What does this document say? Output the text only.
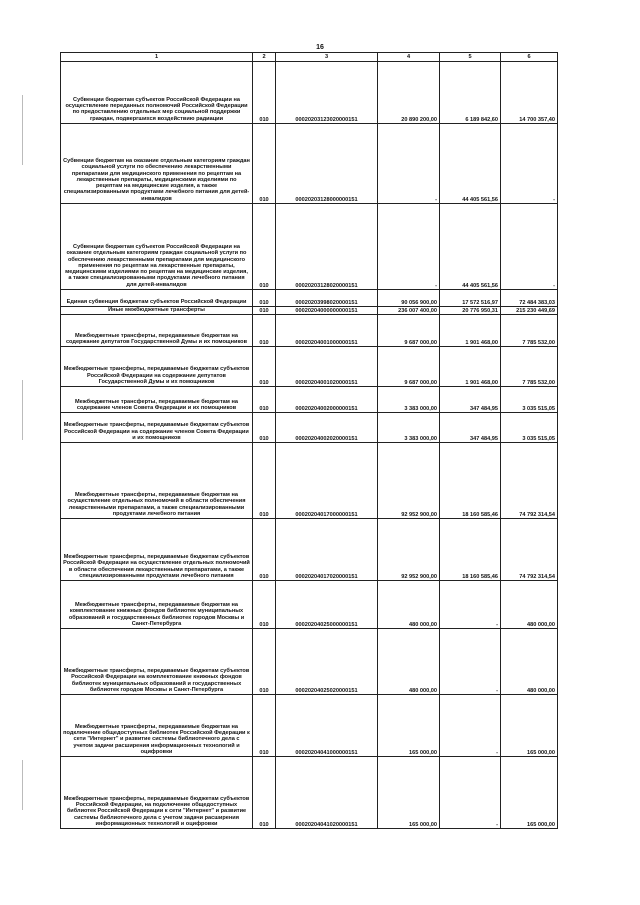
16
1	2	3	4	5	6
Субвенции бюджетам субъектов Российской Федерации на осуществление переданных полномочий Российской Федерации по предоставлению отдельных мер социальной поддержки граждан, подвергшихся воздействию радиации	010	00020203123020000151	20 890 200,00	6 189 842,60	14 700 357,40
Субвенции бюджетам на оказание отдельным категориям граждан социальной услуги по обеспечению лекарственными препаратами для медицинского применения по рецептам на лекарственные препараты, медицинскими изделиями по рецептам на медицинские изделия, а также специализированными продуктами лечебного питания для детей-инвалидов	010	00020203128000000151	-	44 405 561,56	-
Субвенции бюджетам субъектов Российской Федерации на оказание отдельным категориям граждан социальной услуги по обеспечению лекарственными препаратами для медицинского применения по рецептам на лекарственные препараты, медицинскими изделиями по рецептам на медицинские изделия, а также специализированными продуктами лечебного питания для детей-инвалидов	010	00020203128020000151	-	44 405 561,56	-
Единая субвенция бюджетам субъектов Российской Федерации	010	00020203998020000151	90 056 900,00	17 572 516,97	72 484 383,03
Иные межбюджетные трансферты	010	00020204000000000151	236 007 400,00	20 776 950,31	215 230 449,69
Межбюджетные трансферты, передаваемые бюджетам на содержание депутатов Государственной Думы и их помощников	010	00020204001000000151	9 687 000,00	1 901 468,00	7 785 532,00
Межбюджетные трансферты, передаваемые бюджетам субъектов Российской Федерации на содержание депутатов Государственной Думы и их помощников	010	00020204001020000151	9 687 000,00	1 901 468,00	7 785 532,00
Межбюджетные трансферты, передаваемые бюджетам на содержание членов Совета Федерации и их помощников	010	00020204002000000151	3 383 000,00	347 484,95	3 035 515,05
Межбюджетные трансферты, передаваемые бюджетам субъектов Российской Федерации на содержание членов Совета Федерации и их помощников	010	00020204002020000151	3 383 000,00	347 484,95	3 035 515,05
Межбюджетные трансферты, передаваемые бюджетам на осуществление отдельных полномочий в области обеспечения лекарственными препаратами, а также специализированными продуктами лечебного питания	010	00020204017000000151	92 952 900,00	18 160 585,46	74 792 314,54
Межбюджетные трансферты, передаваемые бюджетам субъектов Российской Федерации на осуществление отдельных полномочий в области обеспечения лекарственными препаратами, а также специализированными продуктами лечебного питания	010	00020204017020000151	92 952 900,00	18 160 585,46	74 792 314,54
Межбюджетные трансферты, передаваемые бюджетам на комплектование книжных фондов библиотек муниципальных образований и государственных библиотек городов Москвы и Санкт-Петербурга	010	00020204025000000151	480 000,00	-	480 000,00
Межбюджетные трансферты, передаваемые бюджетам субъектов Российской Федерации на комплектование книжных фондов библиотек муниципальных образований и государственных библиотек городов Москвы и Санкт-Петербурга	010	00020204025020000151	480 000,00	-	480 000,00
Межбюджетные трансферты, передаваемые бюджетам на подключение общедоступных библиотек Российской Федерации к сети "Интернет" и развитие системы библиотечного дела с учетом задачи расширения информационных технологий и оцифровки	010	00020204041000000151	165 000,00	-	165 000,00
Межбюджетные трансферты, передаваемые бюджетам субъектов Российской Федерации, на подключение общедоступных библиотек Российской Федерации к сети "Интернет" и развитие системы библиотечного дела с учетом задачи расширения информационных технологий и оцифровки	010	00020204041020000151	165 000,00	-	165 000,00
